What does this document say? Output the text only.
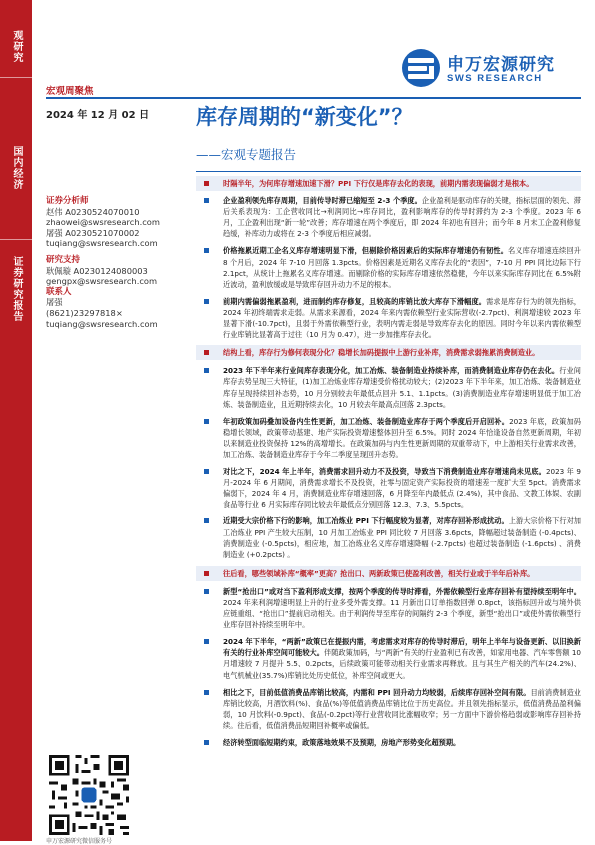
观研究
国内经济
证券研究报告
申万宏源研究
SWS RESEARCH
宏观周聚焦
2024 年 12 月 02 日 库存周期的“新变化”？
——宏观专题报告
证券分析师
赵伟 A0230524070010
zhaowei@swsresearch.com
屠强 A0230521070002
tuqiang@swsresearch.com
研究支持
耿佩璇 A0230124080003
gengpx@swsresearch.com
联系人
屠强
(8621)23297818×
tuqiang@swsresearch.com
申万宏源研究微信服务号
时隔半年，为何库存增速加速下滑？PPI 下行仅是库存去化的表现，前期内需表现偏弱才是根本。
企业盈利领先库存周期，目前传导时滞已缩短至 2-3 个季度。企业盈利是驱动库存的关键，指标层面的领先、滞后关系表现为：工企营收同比→利润同比→库存同比，盈利影响库存的传导时滞约为 2-3 个季度。2023 年 6 月，工企盈利出现“新一轮”改善；库存增速在两个季度后，即 2024 年初也有回升；而今年 8 月末工企盈利修复趋缓，补库动力或将在 2-3 个季度后相应减弱。
价格拖累近期工企名义库存增速明显下滑，但剔除价格因素后的实际库存增速仍有韧性。名义库存增速连续回升 8 个月后，2024 年 7-10 月回落 1.3pcts。价格因素是近期名义库存去化的“表因”，7-10 月 PPI 同比边际下行 2.1pct，从统计上拖累名义库存增速。而剔除价格的实际库存增速依然稳健，今年以来实际库存同比在 6.5%附近波动，盈利放缓或是导致库存回升动力不足的根本。
前期内需偏弱拖累盈利，进而制约库存修复，且较高的库销比放大库存下滑幅度。需求是库存行为的领先指标，2024 年初终端需求走弱。从需求来源看，2024 年来内需依赖型行业实际营收(-2.7pct)、利润增速较 2023 年显著下滑(-10.7pct)，且弱于外需依赖型行业，表明内需走弱是导致库存去化的原因。同时今年以来内需依赖型行业库销比显著高于过往（10 月为 0.47），进一步加推库存去化。
结构上看，库存行为修何表现分化？稳增长加码提振中上游行业补库，消费需求弱拖累消费制造业。
2023 年下半年来行业间库存表现分化，加工冶炼、装备制造业持续补库，而消费制造业库存仍在去化。行业间库存去势呈现三大特征，(1)加工冶炼业库存增速受价格扰动较大；(2)2023 年下半年来，加工冶炼、装备制造业库存呈现持续回补态势，10 月分别较去年最低点回升 5.1、1.1pcts。(3)消费制造业库存增速明显低于加工冶炼、装备制造业，且近期持续去化，10 月较去年最高点回落 2.3pcts。
年初政策加码叠加设备内生性更新，加工冶炼、装备制造业库存于两个季度后开启回补。2023 年底，政策加码稳增长领域，政策带动基建、地产实际投资增速整体回升至 6.5%。同时 2024 年恰逢设备自然更新周期，年初以来制造业投资保持 12%的高增增长。在政策加码与内生性更新周期的双重带动下，中上游相关行业需求改善，加工冶炼、装备制造业库存于今年二季度呈现回升态势。
对比之下，2024 年上半年，消费需求回升动力不及投资，导致当下消费制造业库存增速尚未见底。2023 年 9 月-2024 年 6 月期间，消费需求增长不及投资，社零与固定资产实际投资的增速差一度扩大至 5pct。消费需求偏弱下，2024 年 4 月，消费制造业库存增速回落，6 月降至年内最低点 (2.4%)，其中食品、文教工体娱、农副食品等行业 6 月实际库存同比较去年最低点分别回落 12.3、7.3、5.5pcts。
近期受大宗价格下行的影响，加工冶炼业 PPI 下行幅度较为显著，对库存回补形成扰动。上游大宗价格下行对加工冶炼业 PPI 产生较大压制，10 月加工冶炼业 PPI 同比较 7 月回落 3.6pcts，降幅超过装备制造 (-0.4pcts)、消费制造业 (-0.5pcts)，相应地，加工冶炼业名义库存增速降幅 (-2.7pcts) 也超过装备制造 (-1.6pcts) 、消费制造业 (+0.2pcts) 。
往后看，哪些领域补库“概率”更高？抢出口、两新政策已使盈利改善，相关行业或于半年后补库。
新型“抢出口”或对当下盈利形成支撑，按两个季度的传导时滞看，外需依赖型行业库存回补有望持续至明年中。2024 年来利润增速明显上升的行业多受外需支撑。11 月新出口订单指数回弹 0.8pct，该指标回升或与境外供应链重组、“抢出口”提前启动相关。由于利润传导至库存的间隔约 2-3 个季度，新型“抢出口”或使外需依赖型行业库存回补持续至明年中。
2024 年下半年，“两新”政策已在提振内需，考虑需求对库存的传导时滞后，明年上半年与设备更新、以旧换新有关的行业补库空间可能较大。伴随政策加码，与“两新”有关的行业盈利已有改善，如家用电器、汽车零售额 10 月增速较 7 月提升 5.5、0.2pcts，后续政策可能带动相关行业需求再释放。且与其生产相关的汽车(24.2%)、电气机械业(35.7%)库销比处历史低位，补库空间或更大。
相比之下，目前低值消费品库销比较高，内需和 PPI 回升动力均较弱，后续库存回补空间有限。目前消费制造业库销比较高，月酒饮料(%)、食品(%)等低值消费品库销比位于历史高位。并且领先指标显示，低值消费品盈利偏弱，10 月饮料(-0.9pct)、食品(-0.2pct)等行业营收同比涨幅收窄；另一方面中下游价格趋弱或影响库存回补持续。往后看，低值消费品短期回补概率或偏低。
经济转型面临短期约束，政策落地效果不及预期，房地产形势变化超预期。
